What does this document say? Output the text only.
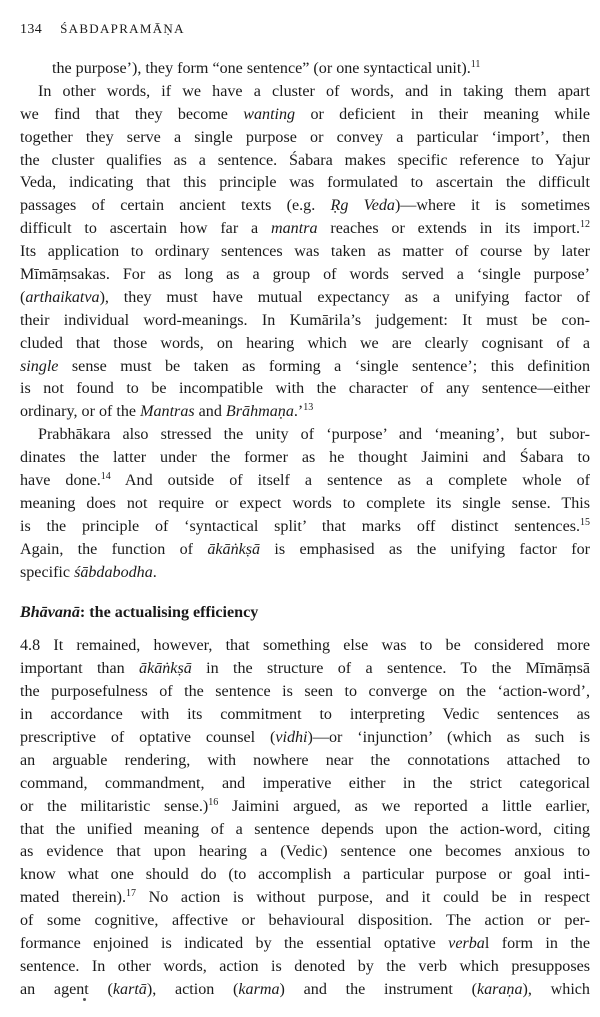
134 ŚABDAPRAMĀṆA
the purpose’), they form “one sentence” (or one syntactical unit).$^{11}$
In other words, if we have a cluster of words, and in taking them apart
we find that they become wanting or deficient in their meaning while
together they serve a single purpose or convey a particular ‘import’, then
the cluster qualifies as a sentence. Śabara makes specific reference to Yajur
Veda, indicating that this principle was formulated to ascertain the difficult
passages of certain ancient texts (e.g. Ṛg Veda)—where it is sometimes
difficult to ascertain how far a mantra reaches or extends in its import.$^{12}$
Its application to ordinary sentences was taken as matter of course by later
Mīmāṃsakas. For as long as a group of words served a ‘single purpose’
(arthaikatva), they must have mutual expectancy as a unifying factor of
their individual word-meanings. In Kumārila’s judgement: It must be con-
cluded that those words, on hearing which we are clearly cognisant of a
single sense must be taken as forming a ‘single sentence’; this definition
is not found to be incompatible with the character of any sentence—either
ordinary, or of the Mantras and Brāhmaṇa.’$^{13}$
Prabhākara also stressed the unity of ‘purpose’ and ‘meaning’, but subor-
dinates the latter under the former as he thought Jaimini and Śabara to
have done.$^{14}$ And outside of itself a sentence as a complete whole of
meaning does not require or expect words to complete its single sense. This
is the principle of ‘syntactical split’ that marks off distinct sentences.$^{15}$
Again, the function of ākāṅkṣā is emphasised as the unifying factor for
specific śābdabodha.
Bhāvanā: the actualising efficiency
4.8 It remained, however, that something else was to be considered more
important than ākāṅkṣā in the structure of a sentence. To the Mīmāṃsā
the purposefulness of the sentence is seen to converge on the ‘action-word’,
in accordance with its commitment to interpreting Vedic sentences as
prescriptive of optative counsel (vidhi)—or ‘injunction’ (which as such is
an arguable rendering, with nowhere near the connotations attached to
command, commandment, and imperative either in the strict categorical
or the militaristic sense.)$^{16}$ Jaimini argued, as we reported a little earlier,
that the unified meaning of a sentence depends upon the action-word, citing
as evidence that upon hearing a (Vedic) sentence one becomes anxious to
know what one should do (to accomplish a particular purpose or goal inti-
mated therein).$^{17}$ No action is without purpose, and it could be in respect
of some cognitive, affective or behavioural disposition. The action or per-
formance enjoined is indicated by the essential optative verbal form in the
sentence. In other words, action is denoted by the verb which presupposes
an agent (kartā), action (karma) and the instrument (karaṇa), which
